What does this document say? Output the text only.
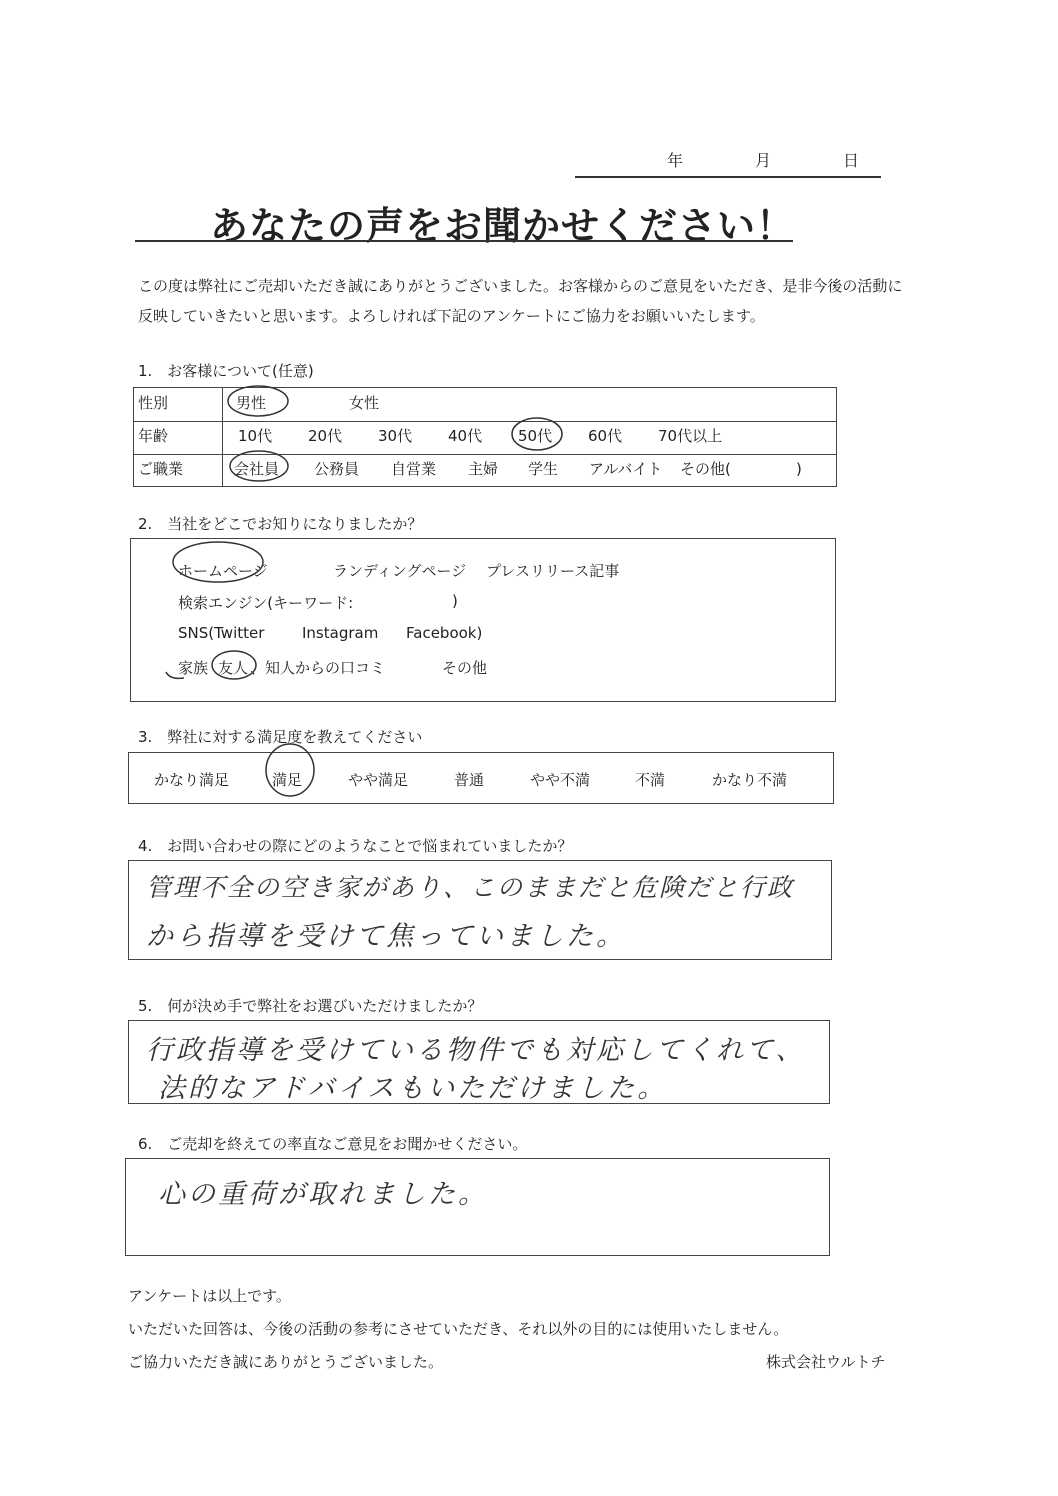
年	月	日
あなたの声をお聞かせください！
この度は弊社にご売却いただき誠にありがとうございました。お客様からのご意見をいただき、是非今後の活動に
反映していきたいと思います。よろしければ下記のアンケートにご協力をお願いいたします。
1.　お客様について(任意)
性別	男性	女性
年齢	10代 20代 30代 40代 50代 60代 70代以上
ご職業	会社員 公務員 自営業 主婦 学生 アルバイト その他(	)
2.　当社をどこでお知りになりましたか？
ホームページ	ランディングページ プレスリリース記事
検索エンジン(キーワード:	)
SNS(Twitter	Instagram Facebook)
家族 友人 、知人からの口コミ	その他
3.　弊社に対する満足度を教えてください
かなり満足	満足	やや満足	普通	やや不満	不満	かなり不満
4.　お問い合わせの際にどのようなことで悩まれていましたか？
管理不全の空き家があり、このままだと危険だと行政
から指導を受けて焦っていました。
5.　何が決め手で弊社をお選びいただけましたか？
行政指導を受けている物件でも対応してくれて、
法的なアドバイスもいただけました。
6.　ご売却を終えての率直なご意見をお聞かせください。
心の重荷が取れました。
アンケートは以上です。
いただいた回答は、今後の活動の参考にさせていただき、それ以外の目的には使用いたしません。
ご協力いただき誠にありがとうございました。	株式会社ウルトチ
